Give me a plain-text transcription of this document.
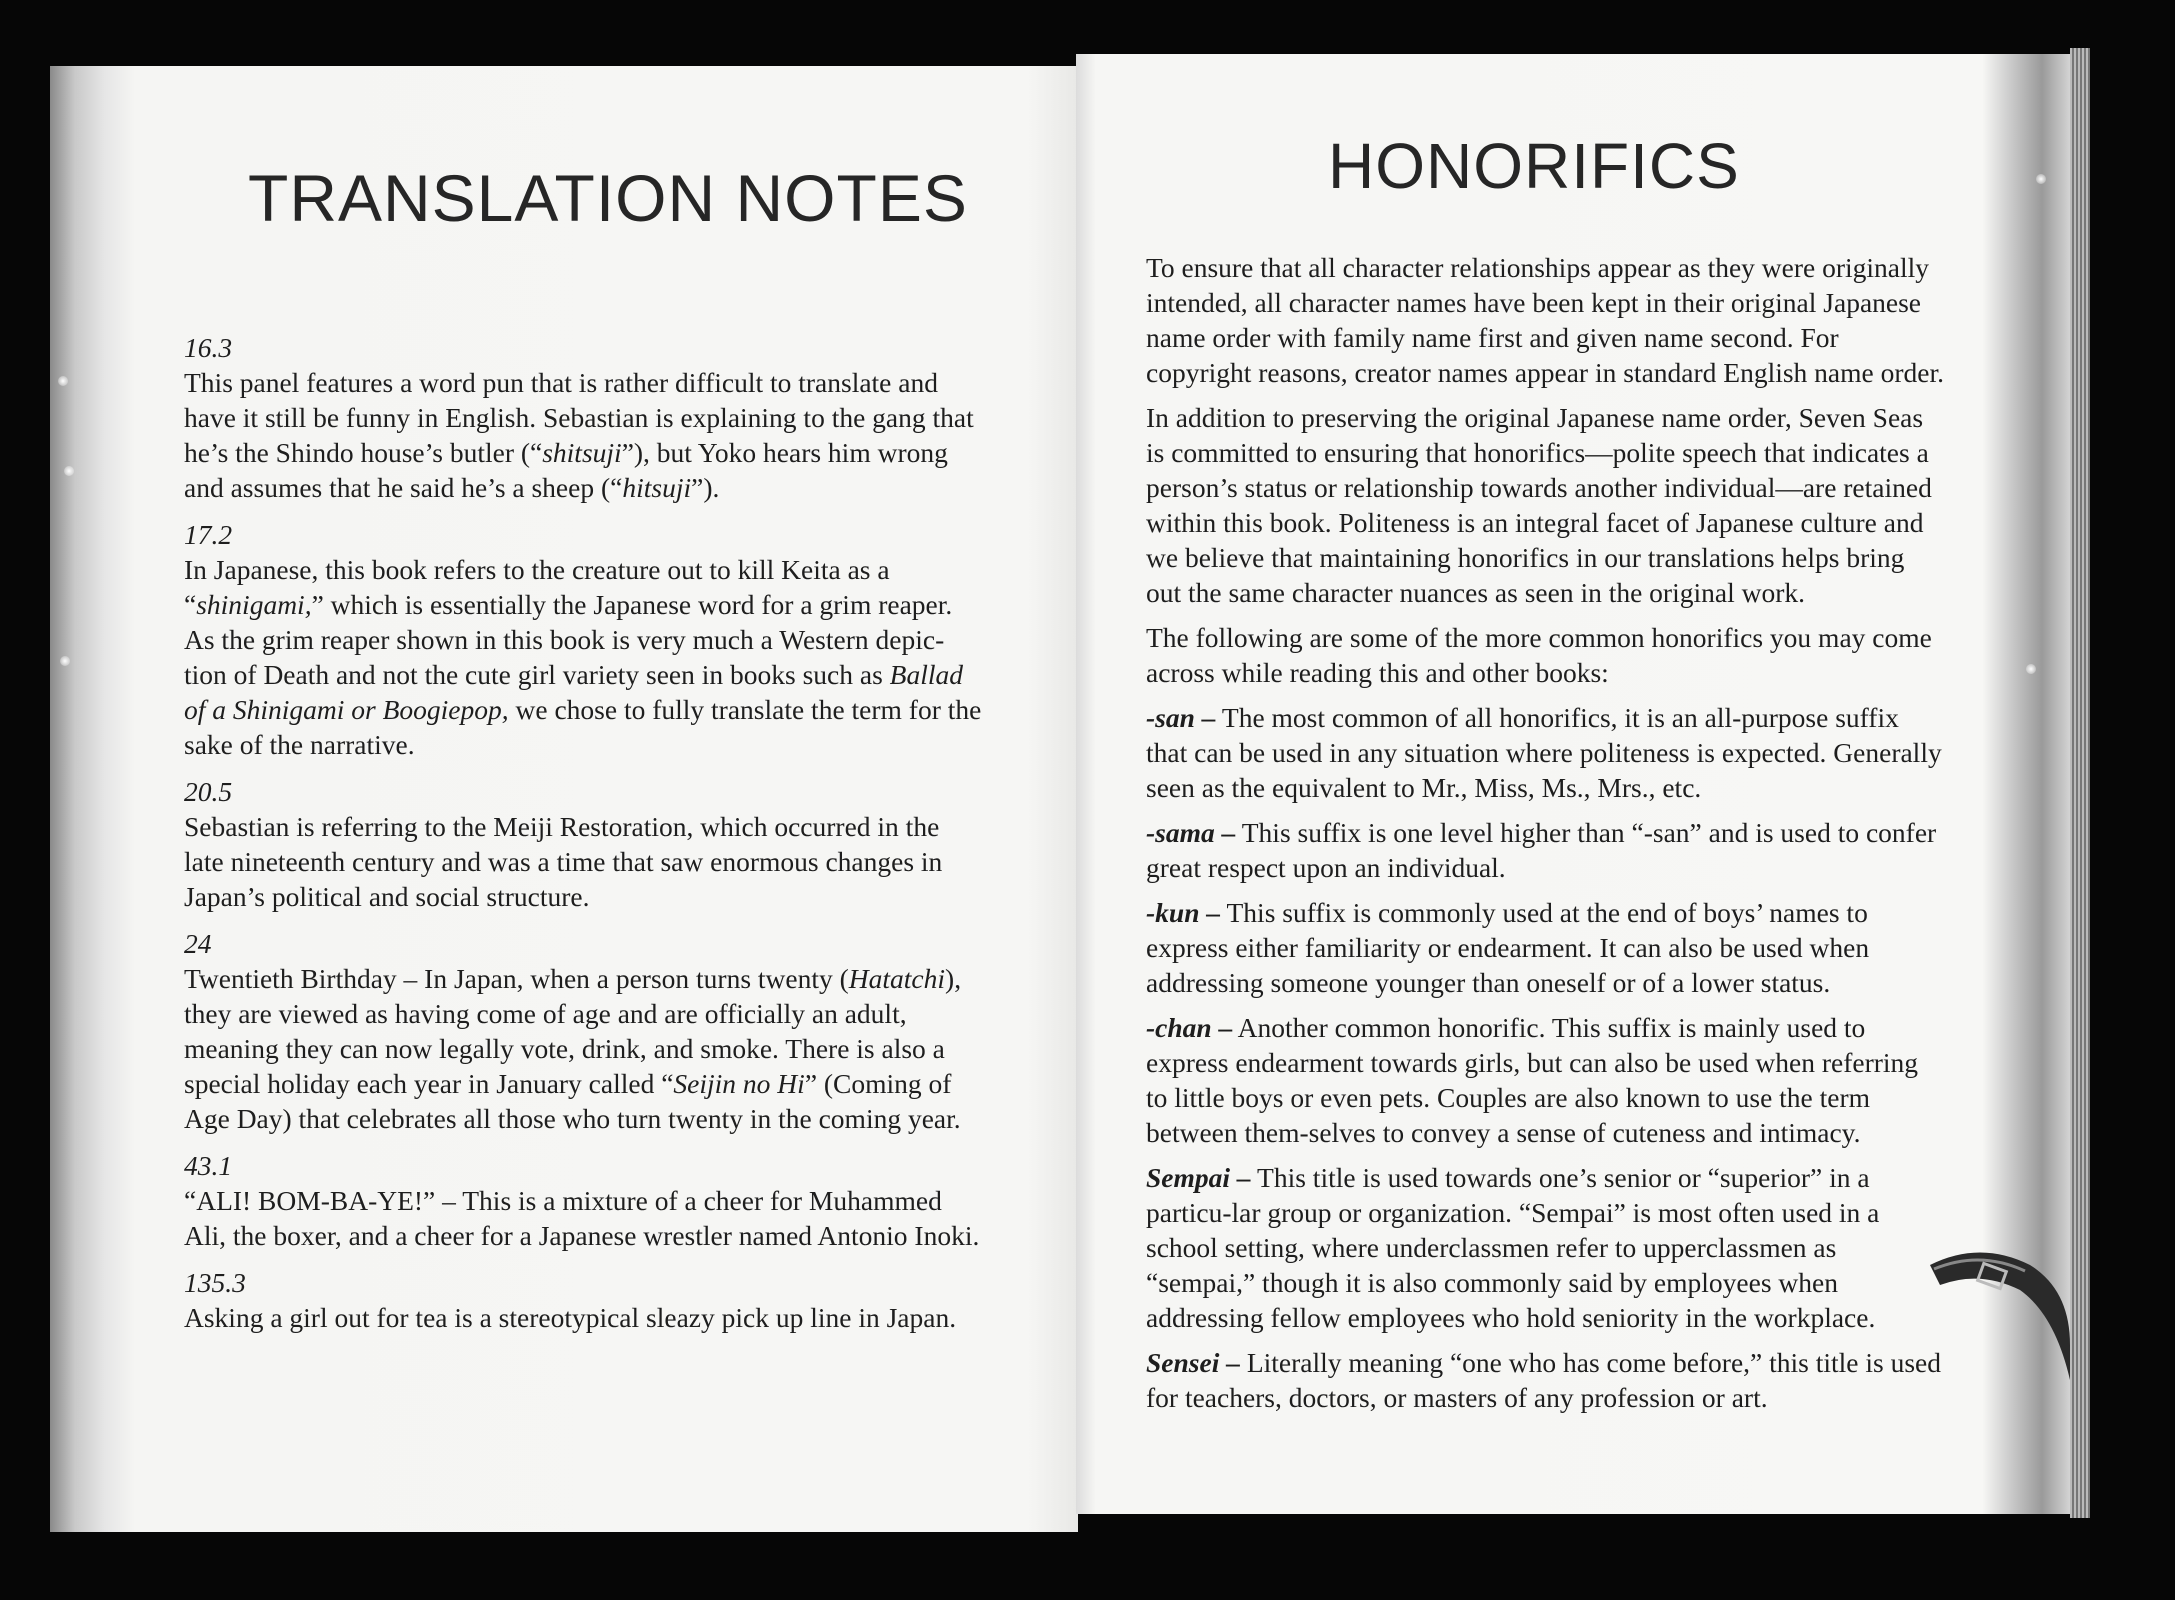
TRANSLATION NOTES
16.3
This panel features a word pun that is rather difficult to translate and have it still be funny in English. Sebastian is explaining to the gang that he’s the Shindo house’s butler (“shitsuji”), but Yoko hears him wrong and assumes that he said he’s a sheep (“hitsuji”).
17.2
In Japanese, this book refers to the creature out to kill Keita as a “shinigami,” which is essentially the Japanese word for a grim reaper. As the grim reaper shown in this book is very much a Western depic-tion of Death and not the cute girl variety seen in books such as Ballad of a Shinigami or Boogiepop, we chose to fully translate the term for the sake of the narrative.
20.5
Sebastian is referring to the Meiji Restoration, which occurred in the late nineteenth century and was a time that saw enormous changes in Japan’s political and social structure.
24
Twentieth Birthday – In Japan, when a person turns twenty (Hatatchi), they are viewed as having come of age and are officially an adult, meaning they can now legally vote, drink, and smoke. There is also a special holiday each year in January called “Seijin no Hi” (Coming of Age Day) that celebrates all those who turn twenty in the coming year.
43.1
“ALI! BOM-BA-YE!” – This is a mixture of a cheer for Muhammed Ali, the boxer, and a cheer for a Japanese wrestler named Antonio Inoki.
135.3
Asking a girl out for tea is a stereotypical sleazy pick up line in Japan.
HONORIFICS

To ensure that all character relationships appear as they were originally intended, all character names have been kept in their original Japanese name order with family name first and given name second. For copyright reasons, creator names appear in standard English name order.

In addition to preserving the original Japanese name order, Seven Seas is committed to ensuring that honorifics—polite speech that indicates a person’s status or relationship towards another individual—are retained within this book. Politeness is an integral facet of Japanese culture and we believe that maintaining honorifics in our translations helps bring out the same character nuances as seen in the original work.

The following are some of the more common honorifics you may come across while reading this and other books:

-san – The most common of all honorifics, it is an all-purpose suffix that can be used in any situation where politeness is expected. Generally seen as the equivalent to Mr., Miss, Ms., Mrs., etc.

-sama – This suffix is one level higher than “-san” and is used to confer great respect upon an individual.

-kun – This suffix is commonly used at the end of boys’ names to express either familiarity or endearment. It can also be used when addressing someone younger than oneself or of a lower status.

-chan – Another common honorific. This suffix is mainly used to express endearment towards girls, but can also be used when referring to little boys or even pets. Couples are also known to use the term between them-selves to convey a sense of cuteness and intimacy.

Sempai – This title is used towards one’s senior or “superior” in a particu-lar group or organization. “Sempai” is most often used in a school setting, where underclassmen refer to upperclassmen as “sempai,” though it is also commonly said by employees when addressing fellow employees who hold seniority in the workplace.

Sensei – Literally meaning “one who has come before,” this title is used for teachers, doctors, or masters of any profession or art.
